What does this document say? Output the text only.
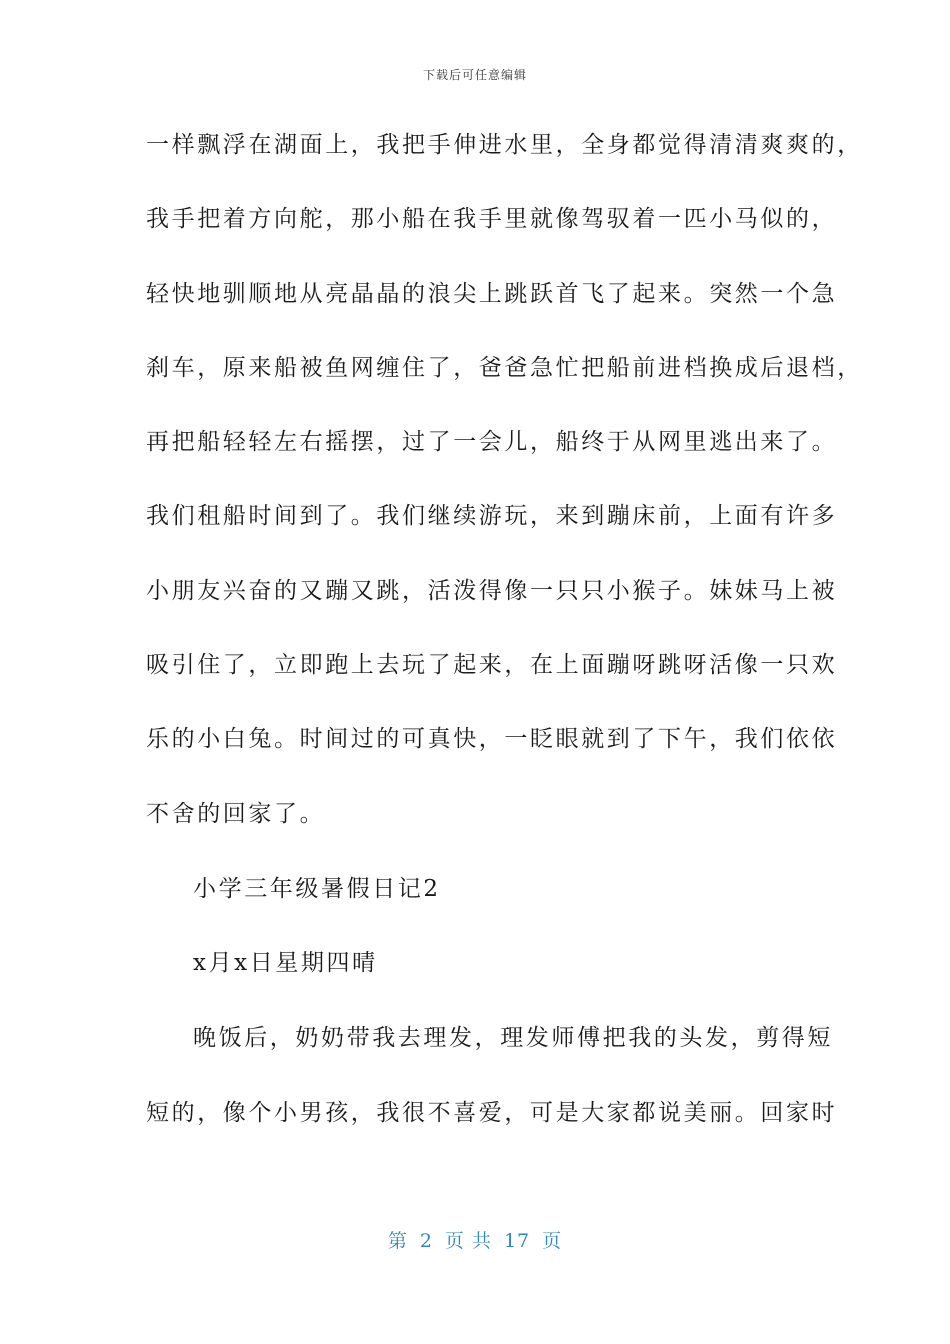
下载后可任意编辑
一样飘浮在湖面上，我把手伸进水里，全身都觉得清清爽爽的，
我手把着方向舵，那小船在我手里就像驾驭着一匹小马似的，
轻快地驯顺地从亮晶晶的浪尖上跳跃首飞了起来。突然一个急
刹车，原来船被鱼网缠住了，爸爸急忙把船前进档换成后退档，
再把船轻轻左右摇摆，过了一会儿，船终于从网里逃出来了。
我们租船时间到了。我们继续游玩，来到蹦床前，上面有许多
小朋友兴奋的又蹦又跳，活泼得像一只只小猴子。妹妹马上被
吸引住了，立即跑上去玩了起来，在上面蹦呀跳呀活像一只欢
乐的小白兔。时间过的可真快，一眨眼就到了下午，我们依依
不舍的回家了。
小学三年级暑假日记2
x月x日星期四晴
晚饭后，奶奶带我去理发，理发师傅把我的头发，剪得短
短的，像个小男孩，我很不喜爱，可是大家都说美丽。回家时
第 2 页 共 17 页
